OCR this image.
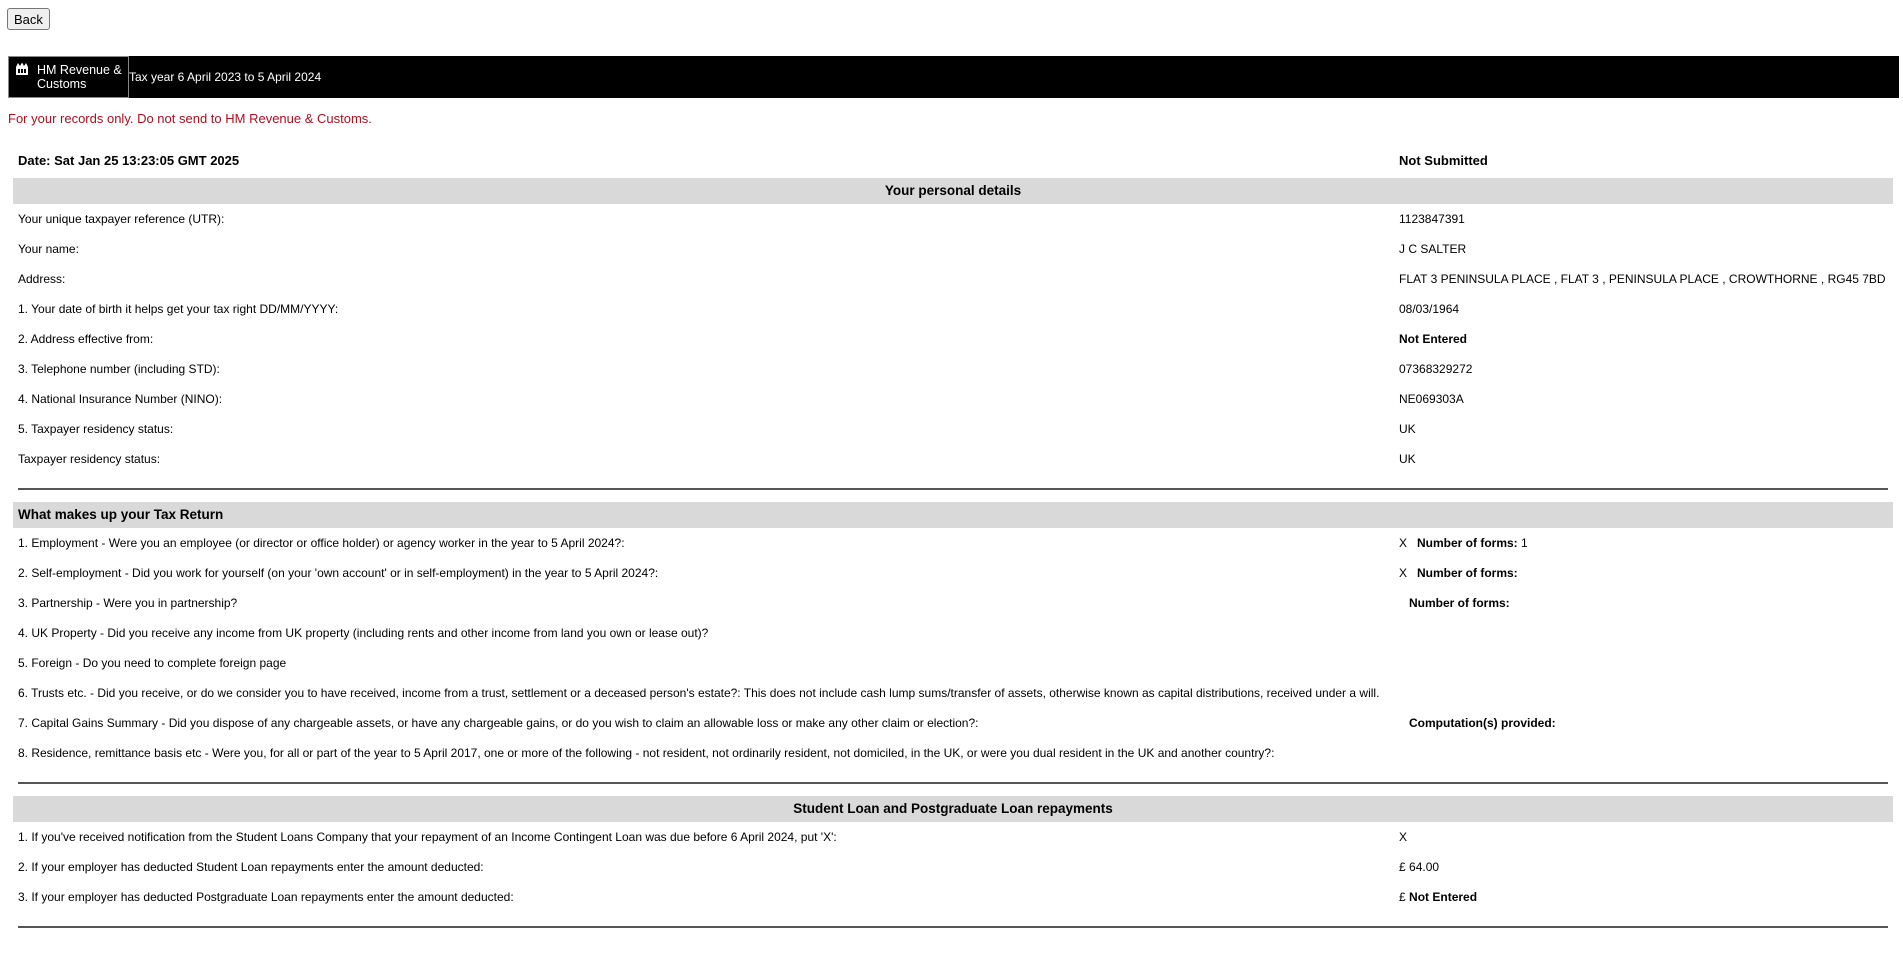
Back
HM Revenue & Customs	Tax year 6 April 2023 to 5 April 2024
For your records only. Do not send to HM Revenue & Customs.
Date: Sat Jan 25 13:23:05 GMT 2025	Not Submitted
Your personal details
Your unique taxpayer reference (UTR):	1123847391
Your name:	J C SALTER
Address:	FLAT 3 PENINSULA PLACE , FLAT 3 , PENINSULA PLACE , CROWTHORNE , RG45 7BD
1. Your date of birth it helps get your tax right DD/MM/YYYY:	08/03/1964
2. Address effective from:	Not Entered
3. Telephone number (including STD):	07368329272
4. National Insurance Number (NINO):	NE069303A
5. Taxpayer residency status:	UK
Taxpayer residency status:	UK
What makes up your Tax Return
1. Employment - Were you an employee (or director or office holder) or agency worker in the year to 5 April 2024?:	X Number of forms: 1
2. Self-employment - Did you work for yourself (on your 'own account' or in self-employment) in the year to 5 April 2024?:	X Number of forms:
3. Partnership - Were you in partnership?	Number of forms:
4. UK Property - Did you receive any income from UK property (including rents and other income from land you own or lease out)?
5. Foreign - Do you need to complete foreign page
6. Trusts etc. - Did you receive, or do we consider you to have received, income from a trust, settlement or a deceased person's estate?: This does not include cash lump sums/transfer of assets, otherwise known as capital distributions, received under a will.
7. Capital Gains Summary - Did you dispose of any chargeable assets, or have any chargeable gains, or do you wish to claim an allowable loss or make any other claim or election?:	Computation(s) provided:
8. Residence, remittance basis etc - Were you, for all or part of the year to 5 April 2017, one or more of the following - not resident, not ordinarily resident, not domiciled, in the UK, or were you dual resident in the UK and another country?:
Student Loan and Postgraduate Loan repayments
1. If you've received notification from the Student Loans Company that your repayment of an Income Contingent Loan was due before 6 April 2024, put 'X':	X
2. If your employer has deducted Student Loan repayments enter the amount deducted:	£ 64.00
3. If your employer has deducted Postgraduate Loan repayments enter the amount deducted:	£ Not Entered
